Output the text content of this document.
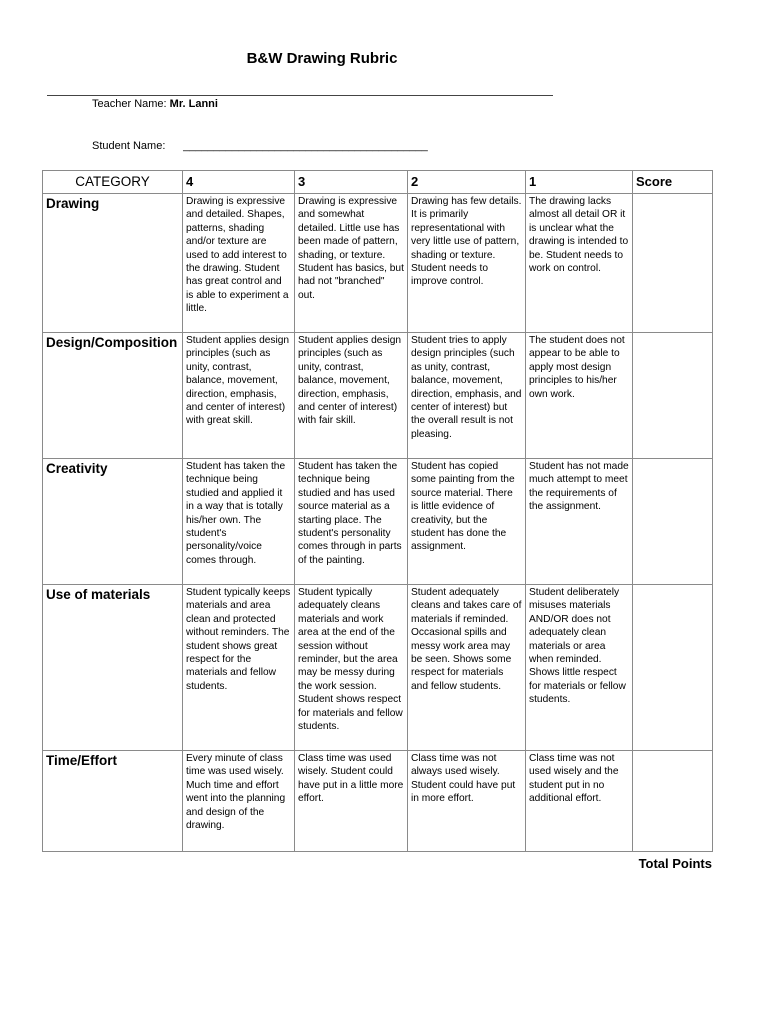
B&W Drawing Rubric
Teacher Name: Mr. Lanni
Student Name: ________________________________________
CATEGORY	4	3	2	1	Score
Drawing	Drawing is expressive and detailed. Shapes, patterns, shading and/or texture are used to add interest to the drawing. Student has great control and is able to experiment a little.	Drawing is expressive and somewhat detailed. Little use has been made of pattern, shading, or texture. Student has basics, but had not "branched" out.	Drawing has few details. It is primarily representational with very little use of pattern, shading or texture. Student needs to improve control.	The drawing lacks almost all detail OR it is unclear what the drawing is intended to be. Student needs to work on control.	
Design/Composition	Student applies design principles (such as unity, contrast, balance, movement, direction, emphasis, and center of interest) with great skill.	Student applies design principles (such as unity, contrast, balance, movement, direction, emphasis, and center of interest) with fair skill.	Student tries to apply design principles (such as unity, contrast, balance, movement, direction, emphasis, and center of interest) but the overall result is not pleasing.	The student does not appear to be able to apply most design principles to his/her own work.	
Creativity	Student has taken the technique being studied and applied it in a way that is totally his/her own. The student's personality/voice comes through.	Student has taken the technique being studied and has used source material as a starting place. The student's personality comes through in parts of the painting.	Student has copied some painting from the source material. There is little evidence of creativity, but the student has done the assignment.	Student has not made much attempt to meet the requirements of the assignment.	
Use of materials	Student typically keeps materials and area clean and protected without reminders. The student shows great respect for the materials and fellow students.	Student typically adequately cleans materials and work area at the end of the session without reminder, but the area may be messy during the work session. Student shows respect for materials and fellow students.	Student adequately cleans and takes care of materials if reminded. Occasional spills and messy work area may be seen. Shows some respect for materials and fellow students.	Student deliberately misuses materials AND/OR does not adequately clean materials or area when reminded. Shows little respect for materials or fellow students.	
Time/Effort	Every minute of class time was used wisely. Much time and effort went into the planning and design of the drawing.	Class time was used wisely. Student could have put in a little more effort.	Class time was not always used wisely. Student could have put in more effort.	Class time was not used wisely and the student put in no additional effort.	
Total Points
